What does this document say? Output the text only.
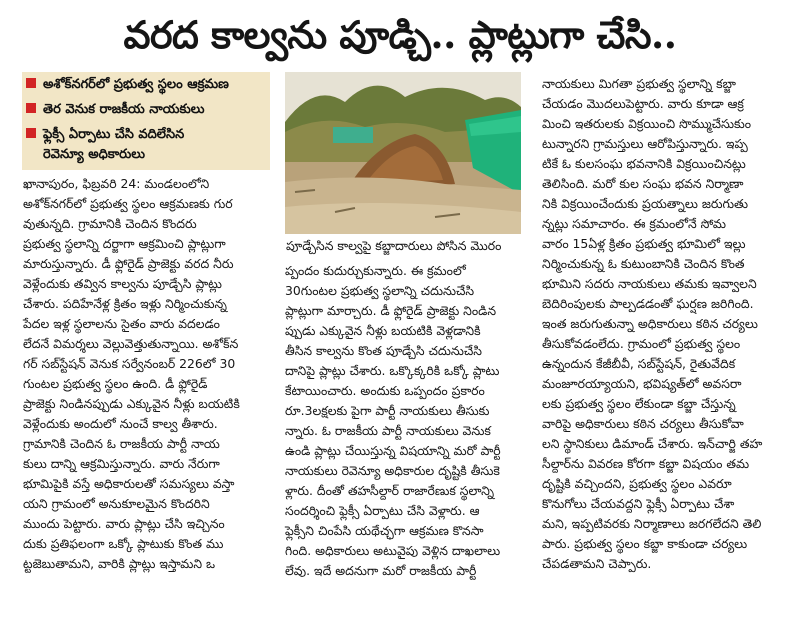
వరద కాల్వను పూడ్చి.. ప్లాట్లుగా చేసి..
అశోక్‌నగర్‌లో ప్రభుత్వ స్థలం ఆక్రమణ
తెర వెనుక రాజకీయ నాయకులు
ఫ్లెక్సీ ఏర్పాటు చేసి వదిలేసిన
రెవెన్యూ అధికారులు
పూడ్చేసిన కాల్వపై కబ్జాదారులు పోసిన మొరం
ఖానాపురం, ఫిబ్రవరి 24: మండలంలోని
అశోక్‌నగర్‌లో ప్రభుత్వ స్థలం ఆక్రమణకు గుర
వుతున్నది. గ్రామానికి చెందిన కొందరు
ప్రభుత్వ స్థలాన్ని దర్జాగా ఆక్రమించి ప్లాట్లుగా
మారుస్తున్నారు. డీ ఫ్లోరైడ్ ప్రాజెక్టు వరద నీరు
వెళ్లేందుకు తవ్విన కాల్వను పూడ్చేసి ప్లాట్లు
చేశారు. పదిహేనేళ్ల క్రితం ఇళ్లు నిర్మించుకున్న
పేదల ఇళ్ల స్థలాలను సైతం వారు వదలడం
లేదనే విమర్శలు వెల్లువెత్తుతున్నాయి. అశోక్‌న
గర్ సబ్‌స్టేషన్ వెనుక సర్వేనంబర్ 226లో 30
గుంటల ప్రభుత్వ స్థలం ఉంది. డీ ఫ్లోరైడ్
ప్రాజెక్టు నిండినప్పుడు ఎక్కువైన నీళ్లు బయటికి
వెళ్లేందుకు అందులో నుంచే కాల్వ తీశారు.
గ్రామానికి చెందిన ఓ రాజకీయ పార్టీ నాయ
కులు దాన్ని ఆక్రమిస్తున్నారు. వారు నేరుగా
భూమిపైకి వస్తే అధికారులతో సమస్యలు వస్తా
యని గ్రామంలో అనుకూలమైన కొందరిని
ముందు పెట్టారు. వారు ప్లాట్లు చేసి ఇచ్చినం
దుకు ప్రతిఫలంగా ఒక్కో ప్లాటుకు కొంత ము
ట్టజెబుతామని, వారికి ప్లాట్లు ఇస్తామని ఒ
ప్పందం కుదుర్చుకున్నారు. ఈ క్రమంలో
30గుంటల ప్రభుత్వ స్థలాన్ని చదునుచేసి
ప్లాట్లుగా మార్చారు. డీ ఫ్లోరైడ్ ప్రాజెక్టు నిండిన
ప్పుడు ఎక్కువైన నీళ్లు బయటికి వెళ్లడానికి
తీసిన కాల్వను కొంత పూడ్చేసి చదునుచేసి
దానిపై ప్లాట్లు చేశారు. ఒక్కొక్కరికి ఒక్కో ప్లాటు
కేటాయించారు. అందుకు ఒప్పందం ప్రకారం
రూ.3లక్షలకు పైగా పార్టీ నాయకులు తీసుకు
న్నారు. ఓ రాజకీయ పార్టీ నాయకులు వెనుక
ఉండి ప్లాట్లు చేయిస్తున్న విషయాన్ని మరో పార్టీ
నాయకులు రెవెన్యూ అధికారుల దృష్టికి తీసుకె
ళ్లారు. దీంతో తహసీల్దార్ రాజారేణుక స్థలాన్ని
సందర్శించి ఫ్లెక్సీ ఏర్పాటు చేసి వెళ్లారు. ఆ
ఫ్లెక్సీని చింపేసి యథేచ్ఛగా ఆక్రమణ కొనసా
గింది. అధికారులు అటువైపు వెళ్లిన దాఖలాలు
లేవు. ఇదే అదనుగా మరో రాజకీయ పార్టీ
నాయకులు మిగతా ప్రభుత్వ స్థలాన్ని కబ్జా
చేయడం మొదలుపెట్టారు. వారు కూడా ఆక్ర
మించి ఇతరులకు విక్రయించి సొమ్ముచేసుకుం
టున్నారని గ్రామస్తులు ఆరోపిస్తున్నారు. ఇప్ప
టికే ఓ కులసంఘ భవనానికి విక్రయించినట్లు
తెలిసింది. మరో కుల సంఘ భవన నిర్మాణా
నికి విక్రయించేందుకు ప్రయత్నాలు జరుగుతు
న్నట్లు సమాచారం. ఈ క్రమంలోనే సోమ
వారం 15ఏళ్ల క్రితం ప్రభుత్వ భూమిలో ఇల్లు
నిర్మించుకున్న ఓ కుటుంబానికి చెందిన కొంత
భూమిని సదరు నాయకులు తమకు ఇవ్వాలని
బెదిరింపులకు పాల్పడడంతో ఘర్షణ జరిగింది.
ఇంత జరుగుతున్నా అధికారులు కఠిన చర్యలు
తీసుకోవడంలేదు. గ్రామంలో ప్రభుత్వ స్థలం
ఉన్నందున కేజీబీవీ, సబ్‌స్టేషన్, రైతువేదిక
మంజూరయ్యాయని, భవిష్యత్‌లో అవసరా
లకు ప్రభుత్వ స్థలం లేకుండా కబ్జా చేస్తున్న
వారిపై అధికారులు కఠిన చర్యలు తీసుకోవా
లని స్థానికులు డిమాండ్ చేశారు. ఇన్‌చార్జి తహ
సీల్దార్‌ను వివరణ కోరగా కబ్జా విషయం తమ
దృష్టికి వచ్చిందని, ప్రభుత్వ స్థలం ఎవరూ
కొనుగోలు చేయవద్దని ఫ్లెక్సీ ఏర్పాటు చేశా
మని, ఇప్పటివరకు నిర్మాణాలు జరగలేదని తెలి
పారు. ప్రభుత్వ స్థలం కబ్జా కాకుండా చర్యలు
చేపడతామని చెప్పారు.
